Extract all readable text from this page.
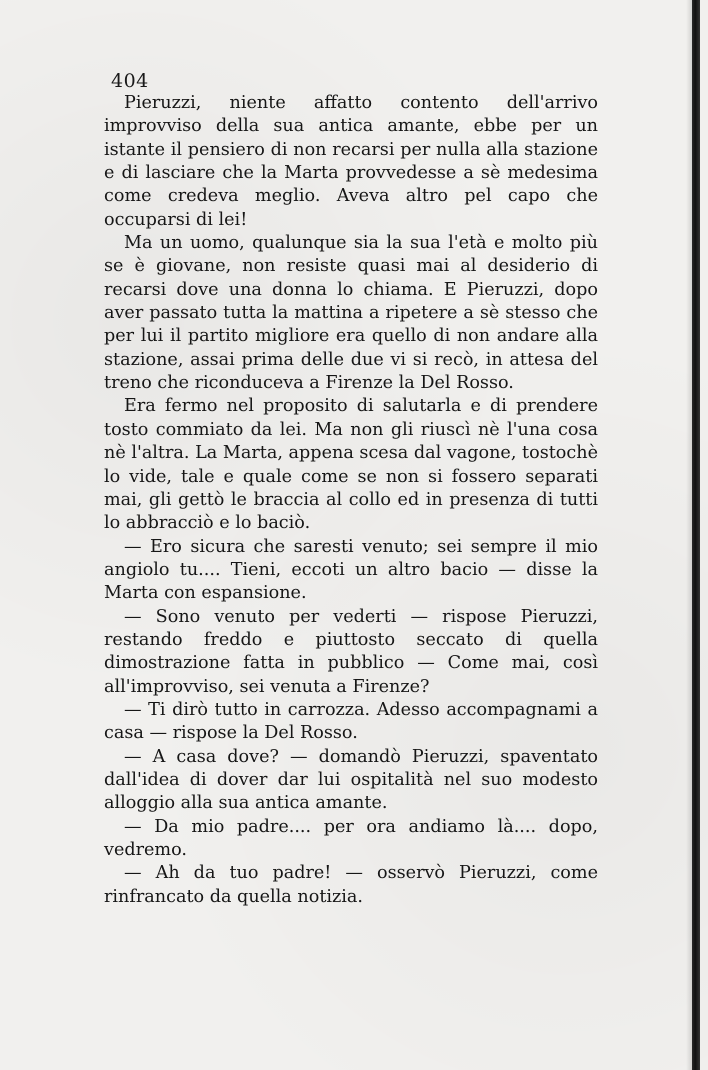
404

Pieruzzi, niente affatto contento dell'arrivo improvviso della sua antica amante, ebbe per un istante il pensiero di non recarsi per nulla alla stazione e di lasciare che la Marta provvedesse a sè medesima come credeva meglio. Aveva altro pel capo che occuparsi di lei!

Ma un uomo, qualunque sia la sua l'età e molto più se è giovane, non resiste quasi mai al desiderio di recarsi dove una donna lo chiama. E Pieruzzi, dopo aver passato tutta la mattina a ripetere a sè stesso che per lui il partito migliore era quello di non andare alla stazione, assai prima delle due vi si recò, in attesa del treno che riconduceva a Firenze la Del Rosso.

Era fermo nel proposito di salutarla e di prendere tosto commiato da lei. Ma non gli riuscì nè l'una cosa nè l'altra. La Marta, appena scesa dal vagone, tostochè lo vide, tale e quale come se non si fossero separati mai, gli gettò le braccia al collo ed in presenza di tutti lo abbracciò e lo baciò.

— Ero sicura che saresti venuto; sei sempre il mio angiolo tu.... Tieni, eccoti un altro bacio — disse la Marta con espansione.

— Sono venuto per vederti — rispose Pieruzzi, restando freddo e piuttosto seccato di quella dimostrazione fatta in pubblico — Come mai, così all'improvviso, sei venuta a Firenze?

— Ti dirò tutto in carrozza. Adesso accompagnami a casa — rispose la Del Rosso.

— A casa dove? — domandò Pieruzzi, spaventato dall'idea di dover dar lui ospitalità nel suo modesto alloggio alla sua antica amante.

— Da mio padre.... per ora andiamo là.... dopo, vedremo.

— Ah da tuo padre! — osservò Pieruzzi, come rinfrancato da quella notizia.
